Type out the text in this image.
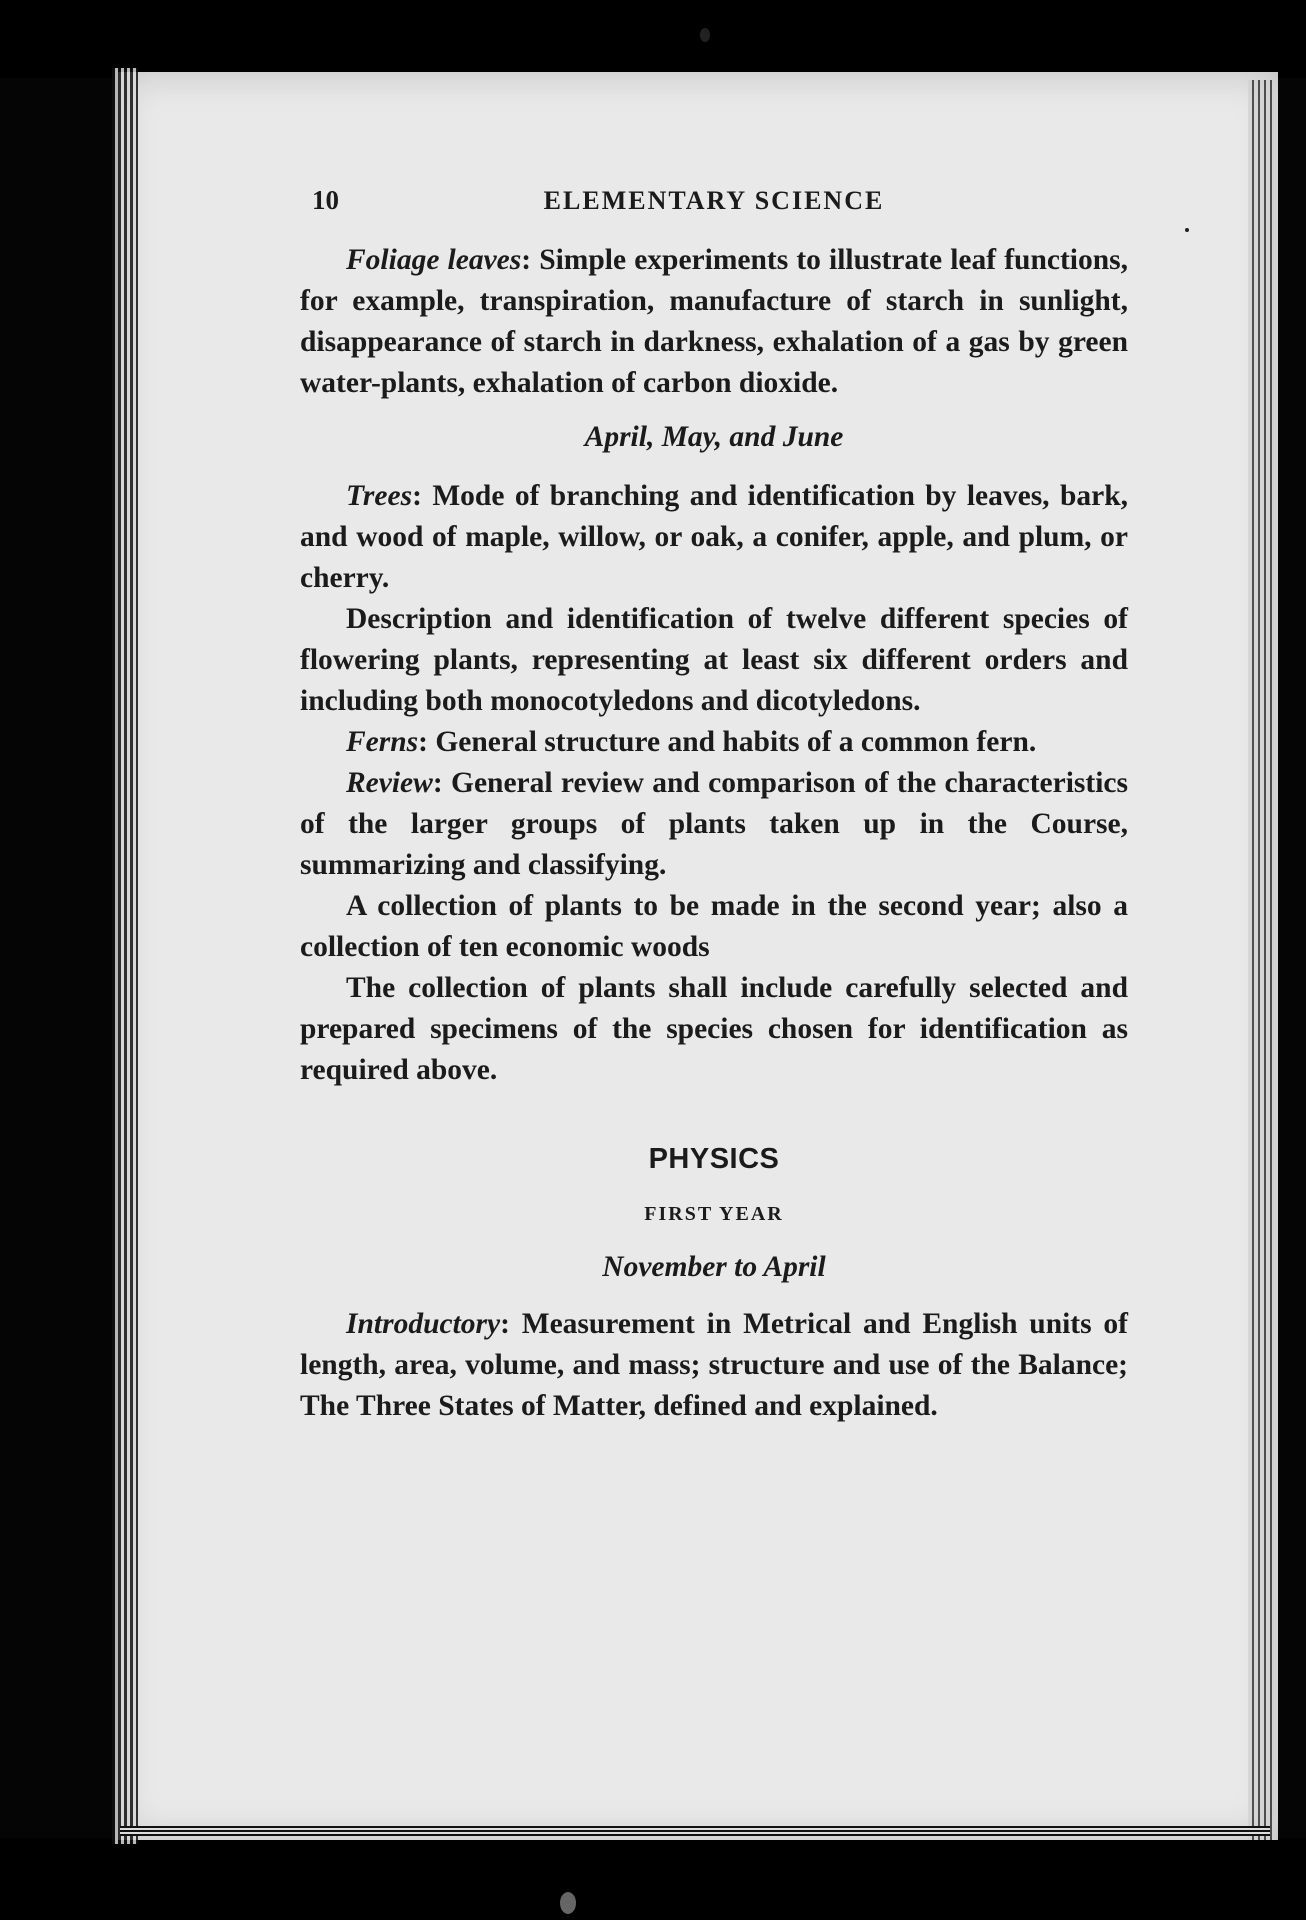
10	ELEMENTARY SCIENCE

Foliage leaves: Simple experiments to illustrate leaf functions, for example, transpiration, manufacture of starch in sunlight, disappearance of starch in darkness, exhalation of a gas by green water-plants, exhalation of carbon dioxide.

April, May, and June

Trees: Mode of branching and identification by leaves, bark, and wood of maple, willow, or oak, a conifer, apple, and plum, or cherry.

Description and identification of twelve different species of flowering plants, representing at least six different orders and including both monocotyledons and dicotyledons.

Ferns: General structure and habits of a common fern.

Review: General review and comparison of the characteristics of the larger groups of plants taken up in the Course, summarizing and classifying.

A collection of plants to be made in the second year; also a collection of ten economic woods

The collection of plants shall include carefully selected and prepared specimens of the species chosen for identification as required above.

PHYSICS
FIRST YEAR
November to April

Introductory: Measurement in Metrical and English units of length, area, volume, and mass; structure and use of the Balance; The Three States of Matter, defined and explained.
